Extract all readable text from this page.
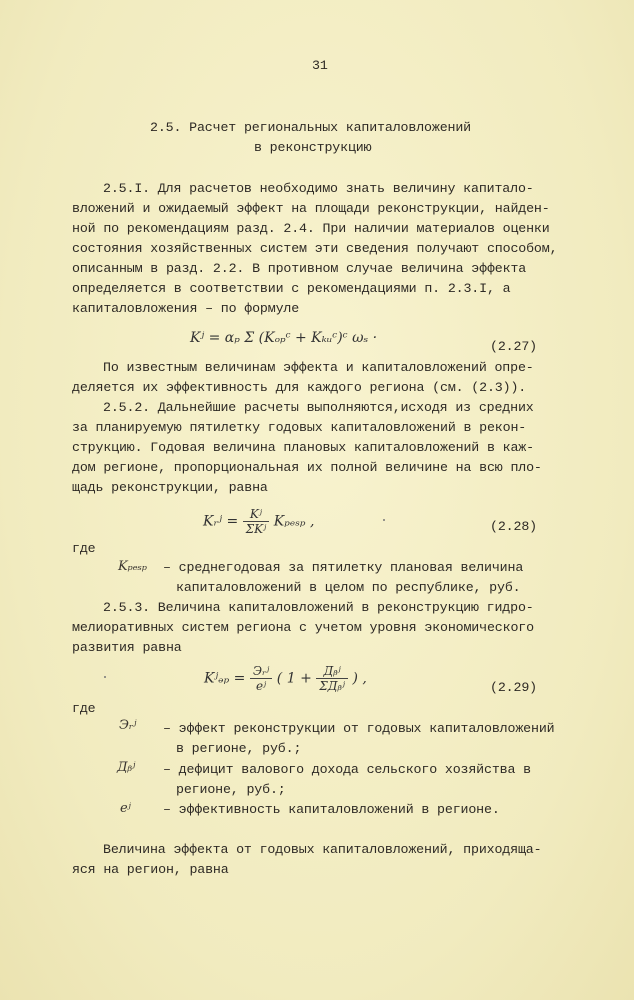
31
2.5. Расчет региональных капиталовложений
в реконструкцию
2.5.I. Для расчетов необходимо знать величину капитало-
вложений и ожидаемый эффект на площади реконструкции, найден-
ной по рекомендациям разд. 2.4. При наличии материалов оценки
состояния хозяйственных систем эти сведения получают способом,
описанным в разд. 2.2. В противном случае величина эффекта
определяется в соответствии с рекомендациями п. 2.3.I, а
капиталовложения – по формуле
Kʲ = αₚ Σ (Kₒₚᶜ + Kₖᵤᶜ)ᶜ ωₛ ·
(2.27)
По известным величинам эффекта и капиталовложений опре-
деляется их эффективность для каждого региона (см. (2.3)).
2.5.2. Дальнейшие расчеты выполняются,исходя из средних
за планируемую пятилетку годовых капиталовложений в рекон-
струкцию. Годовая величина плановых капиталовложений в каж-
дом регионе, пропорциональная их полной величине на всю пло-
щадь реконструкции, равна
Kᵣʲ = $\frac{\text{Kʲ}}{\text{ΣKʲ}}$ Kₚₑₛₚ ,	(2.28)
где
Kₚₑₛₚ – среднегодовая за пятилетку плановая величина
капиталовложений в целом по республике, руб.
2.5.3. Величина капиталовложений в реконструкцию гидро-
мелиоративных систем региона с учетом уровня экономического
развития равна
Kʲₔₚ = $\frac{\text{Эᵣʲ}}{\text{eʲ}}$ ( $1 + \frac{\text{Дᵦʲ}}{\text{ΣДᵦʲ}}$ ) ,
(2.29)
где
Эᵣʲ – эффект реконструкции от годовых капиталовложений
в регионе, руб.;
Дᵦʲ – дефицит валового дохода сельского хозяйства в
регионе, руб.;
eʲ – эффективность капиталовложений в регионе.
Величина эффекта от годовых капиталовложений, приходяща-
яся на регион, равна
